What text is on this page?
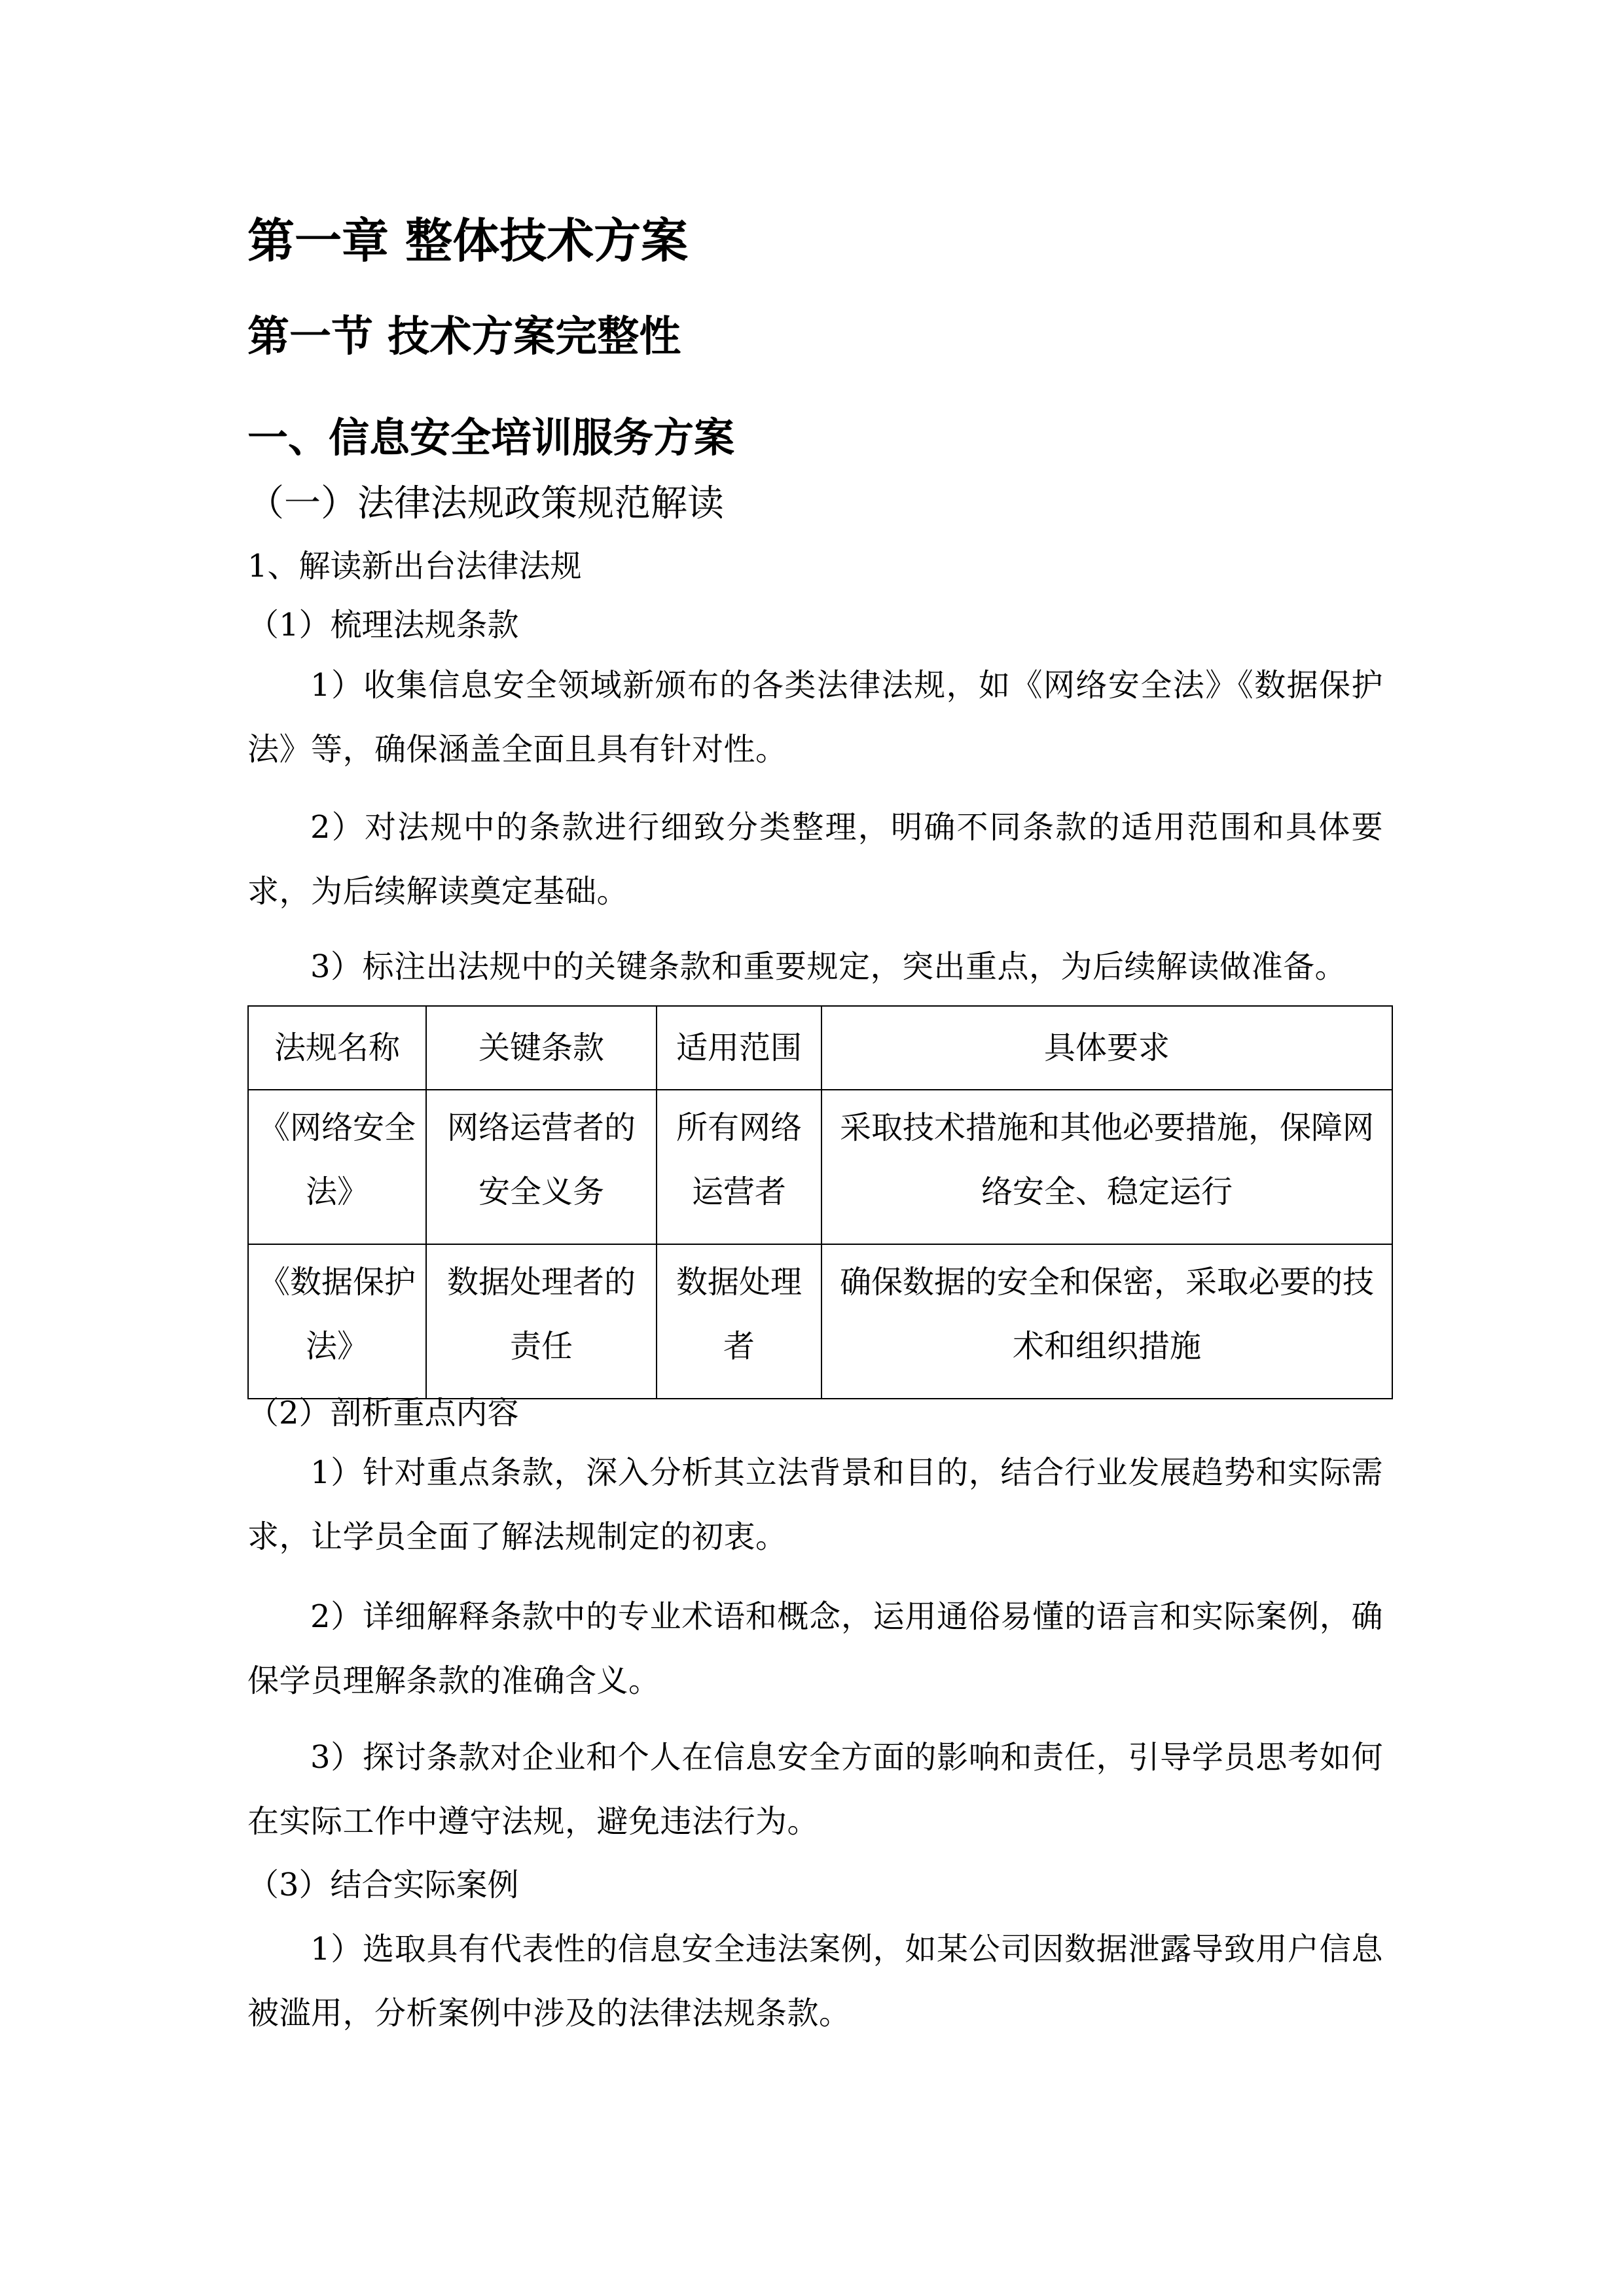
第一章 整体技术方案
第一节 技术方案完整性
一、信息安全培训服务方案
（一）法律法规政策规范解读
1、解读新出台法律法规
（1）梳理法规条款

1）收集信息安全领域新颁布的各类法律法规，如《网络安全法》《数据保护法》等，确保涵盖全面且具有针对性。

2）对法规中的条款进行细致分类整理，明确不同条款的适用范围和具体要求，为后续解读奠定基础。

3）标注出法规中的关键条款和重要规定，突出重点，为后续解读做准备。

法规名称	关键条款	适用范围	具体要求
《网络安全法》	网络运营者的安全义务	所有网络运营者	采取技术措施和其他必要措施，保障网络安全、稳定运行
《数据保护法》	数据处理者的责任	数据处理者	确保数据的安全和保密，采取必要的技术和组织措施
（2）剖析重点内容

1）针对重点条款，深入分析其立法背景和目的，结合行业发展趋势和实际需求，让学员全面了解法规制定的初衷。

2）详细解释条款中的专业术语和概念，运用通俗易懂的语言和实际案例，确保学员理解条款的准确含义。

3）探讨条款对企业和个人在信息安全方面的影响和责任，引导学员思考如何在实际工作中遵守法规，避免违法行为。

（3）结合实际案例

1）选取具有代表性的信息安全违法案例，如某公司因数据泄露导致用户信息被滥用，分析案例中涉及的法律法规条款。
